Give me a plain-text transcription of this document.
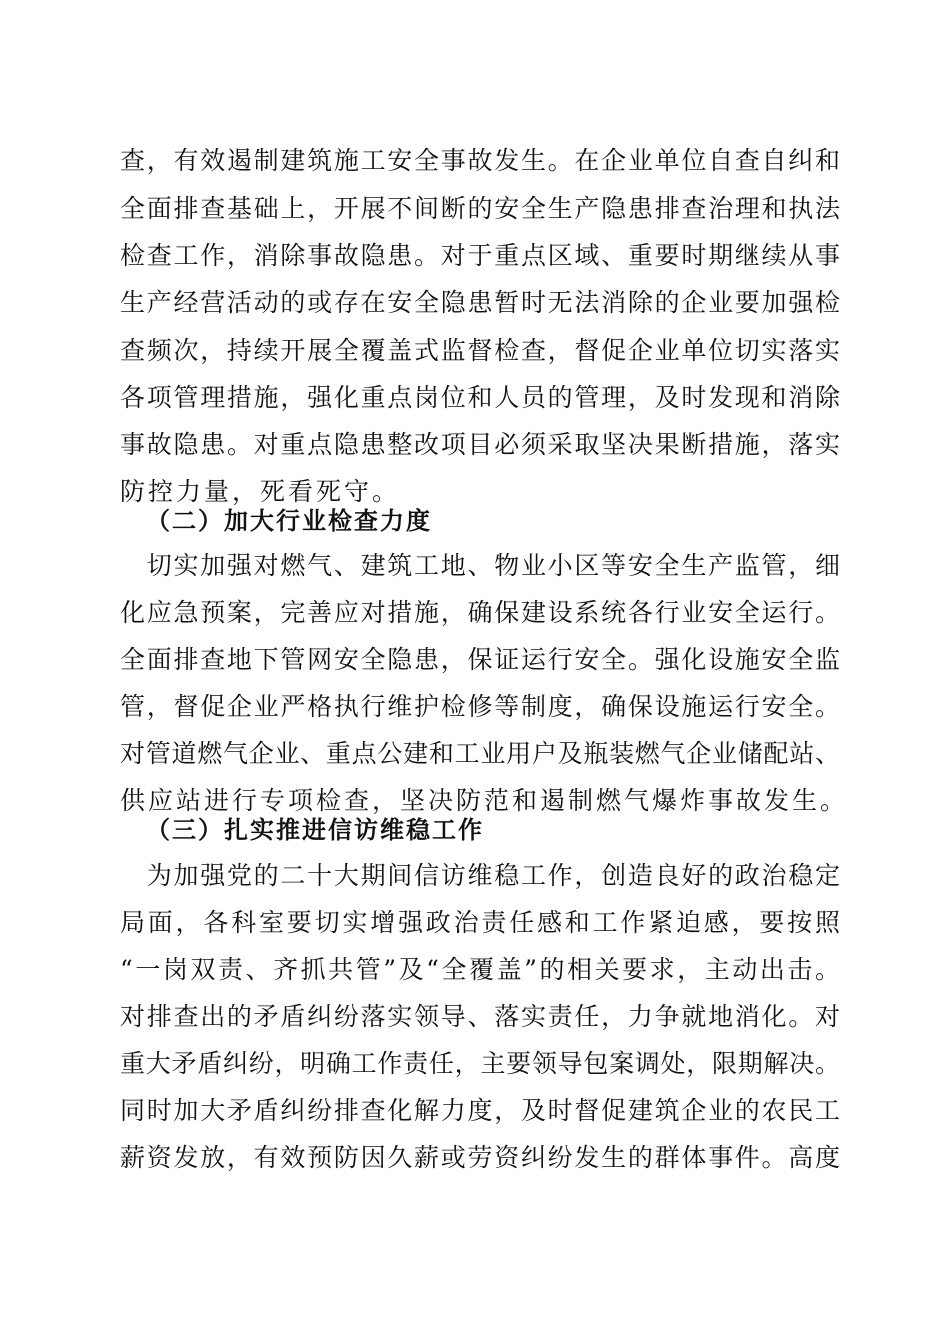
查，有效遏制建筑施工安全事故发生。在企业单位自查自纠和
全面排查基础上，开展不间断的安全生产隐患排查治理和执法
检查工作，消除事故隐患。对于重点区域、重要时期继续从事
生产经营活动的或存在安全隐患暂时无法消除的企业要加强检
查频次，持续开展全覆盖式监督检查，督促企业单位切实落实
各项管理措施，强化重点岗位和人员的管理，及时发现和消除
事故隐患。对重点隐患整改项目必须采取坚决果断措施，落实
防控力量，死看死守。
（二）加大行业检查力度
　切实加强对燃气、建筑工地、物业小区等安全生产监管，细
化应急预案，完善应对措施，确保建设系统各行业安全运行。
全面排查地下管网安全隐患，保证运行安全。强化设施安全监
管，督促企业严格执行维护检修等制度，确保设施运行安全。
对管道燃气企业、重点公建和工业用户及瓶装燃气企业储配站、
供应站进行专项检查，坚决防范和遏制燃气爆炸事故发生。
（三）扎实推进信访维稳工作
　为加强党的二十大期间信访维稳工作，创造良好的政治稳定
局面，各科室要切实增强政治责任感和工作紧迫感，要按照
“一岗双责、齐抓共管”及“全覆盖”的相关要求，主动出击。
对排查出的矛盾纠纷落实领导、落实责任，力争就地消化。对
重大矛盾纠纷，明确工作责任，主要领导包案调处，限期解决。
同时加大矛盾纠纷排查化解力度，及时督促建筑企业的农民工
薪资发放，有效预防因久薪或劳资纠纷发生的群体事件。高度
